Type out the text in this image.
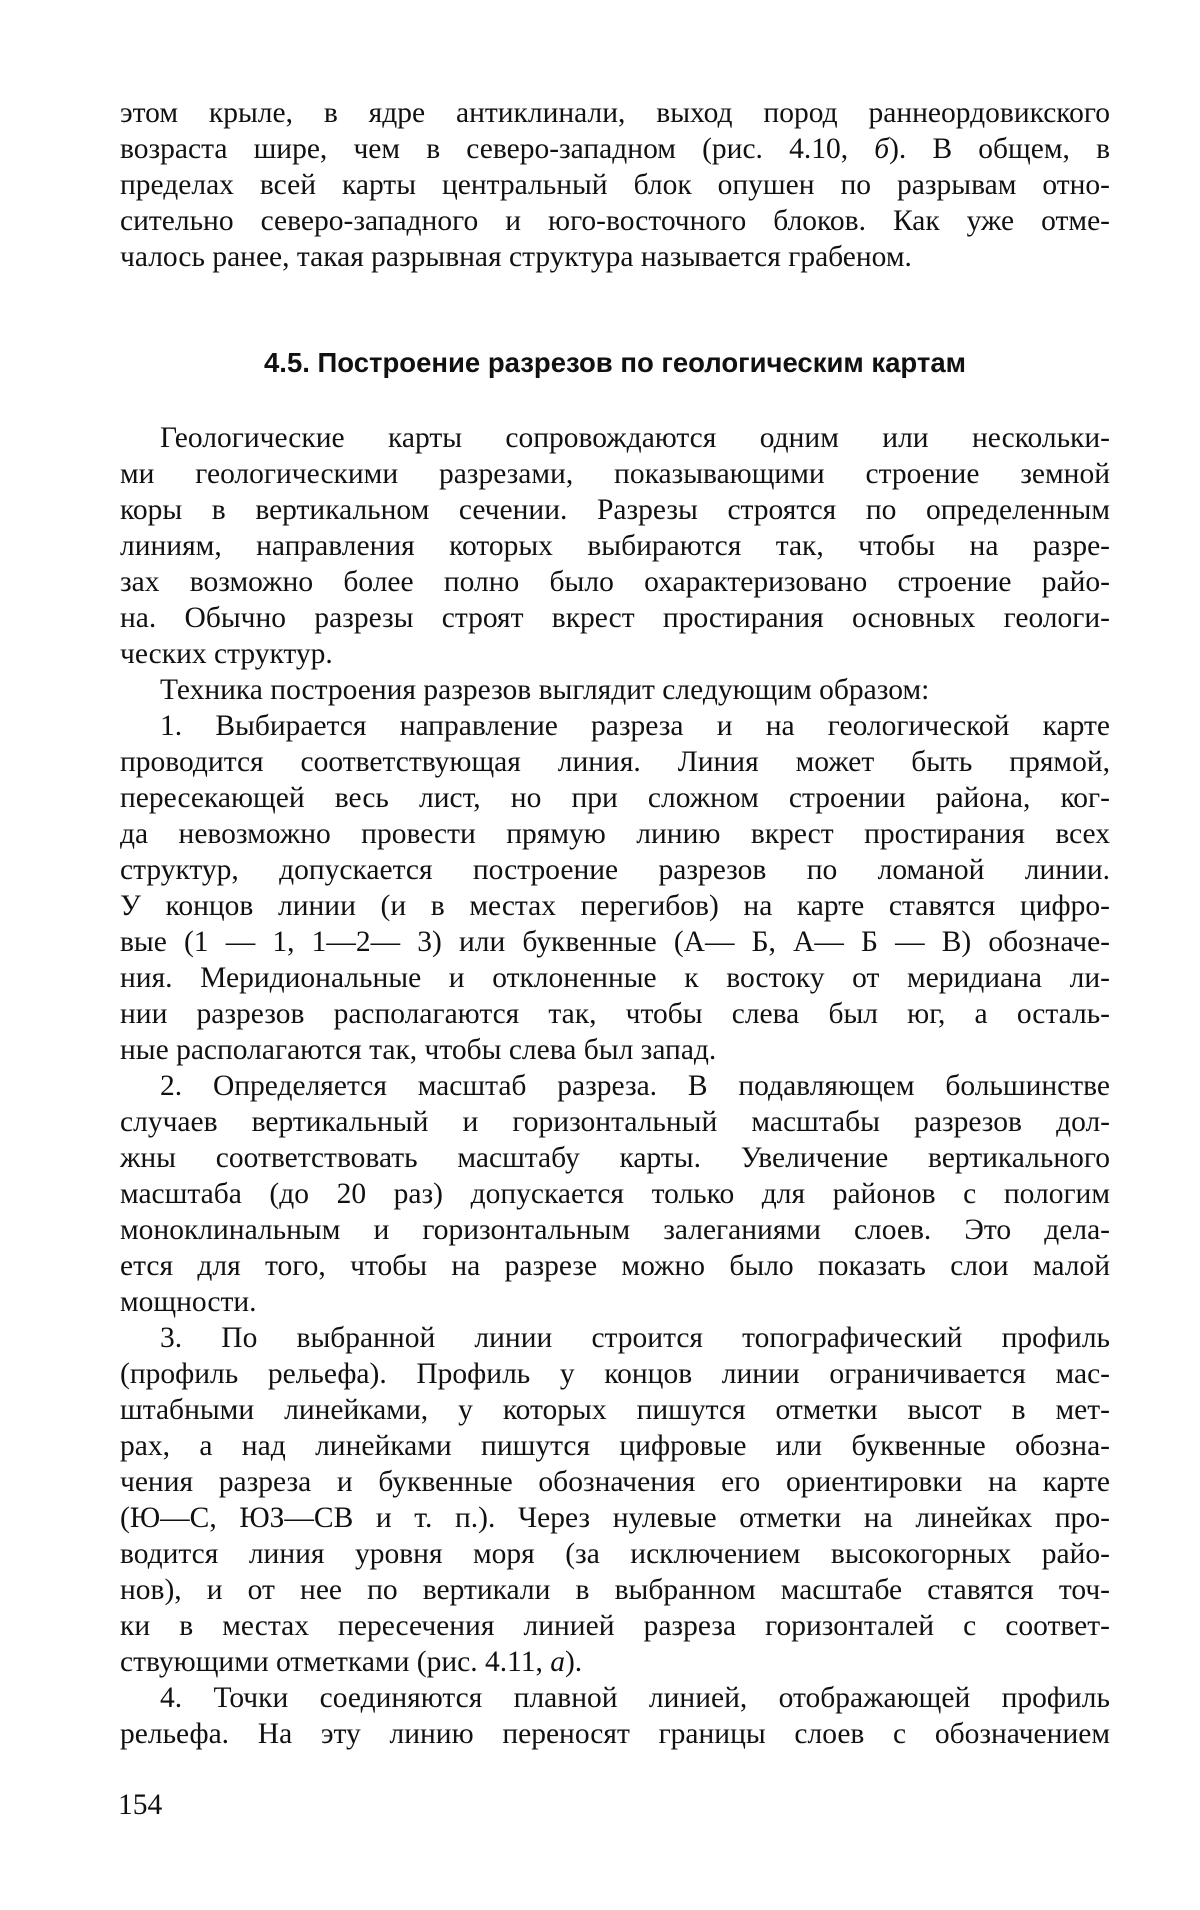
этом крыле, в ядре антиклинали, выход пород раннеордовикского
возраста шире, чем в северо-западном (рис. 4.10, б). В общем, в
пределах всей карты центральный блок опушен по разрывам отно-
сительно северо-западного и юго-восточного блоков. Как уже отме-
чалось ранее, такая разрывная структура называется грабеном.
4.5. Построение разрезов по геологическим картам
Геологические карты сопровождаются одним или нескольки-
ми геологическими разрезами, показывающими строение земной
коры в вертикальном сечении. Разрезы строятся по определенным
линиям, направления которых выбираются так, чтобы на разре-
зах возможно более полно было охарактеризовано строение райо-
на. Обычно разрезы строят вкрест простирания основных геологи-
ческих структур.
Техника построения разрезов выглядит следующим образом:
1. Выбирается направление разреза и на геологической карте
проводится соответствующая линия. Линия может быть прямой,
пересекающей весь лист, но при сложном строении района, ког-
да невозможно провести прямую линию вкрест простирания всех
структур, допускается построение разрезов по ломаной линии.
У концов линии (и в местах перегибов) на карте ставятся цифро-
вые (1 — 1, 1—2— 3) или буквенные (А— Б, А— Б — В) обозначе-
ния. Меридиональные и отклоненные к востоку от меридиана ли-
нии разрезов располагаются так, чтобы слева был юг, а осталь-
ные располагаются так, чтобы слева был запад.
2. Определяется масштаб разреза. В подавляющем большинстве
случаев вертикальный и горизонтальный масштабы разрезов дол-
жны соответствовать масштабу карты. Увеличение вертикального
масштаба (до 20 раз) допускается только для районов с пологим
моноклинальным и горизонтальным залеганиями слоев. Это дела-
ется для того, чтобы на разрезе можно было показать слои малой
мощности.
3. По выбранной линии строится топографический профиль
(профиль рельефа). Профиль у концов линии ограничивается мас-
штабными линейками, у которых пишутся отметки высот в мет-
рах, а над линейками пишутся цифровые или буквенные обозна-
чения разреза и буквенные обозначения его ориентировки на карте
(Ю—С, ЮЗ—СВ и т. п.). Через нулевые отметки на линейках про-
водится линия уровня моря (за исключением высокогорных райо-
нов), и от нее по вертикали в выбранном масштабе ставятся точ-
ки в местах пересечения линией разреза горизонталей с соответ-
ствующими отметками (рис. 4.11, а).
4. Точки соединяются плавной линией, отображающей профиль
рельефа. На эту линию переносят границы слоев с обозначением
154
